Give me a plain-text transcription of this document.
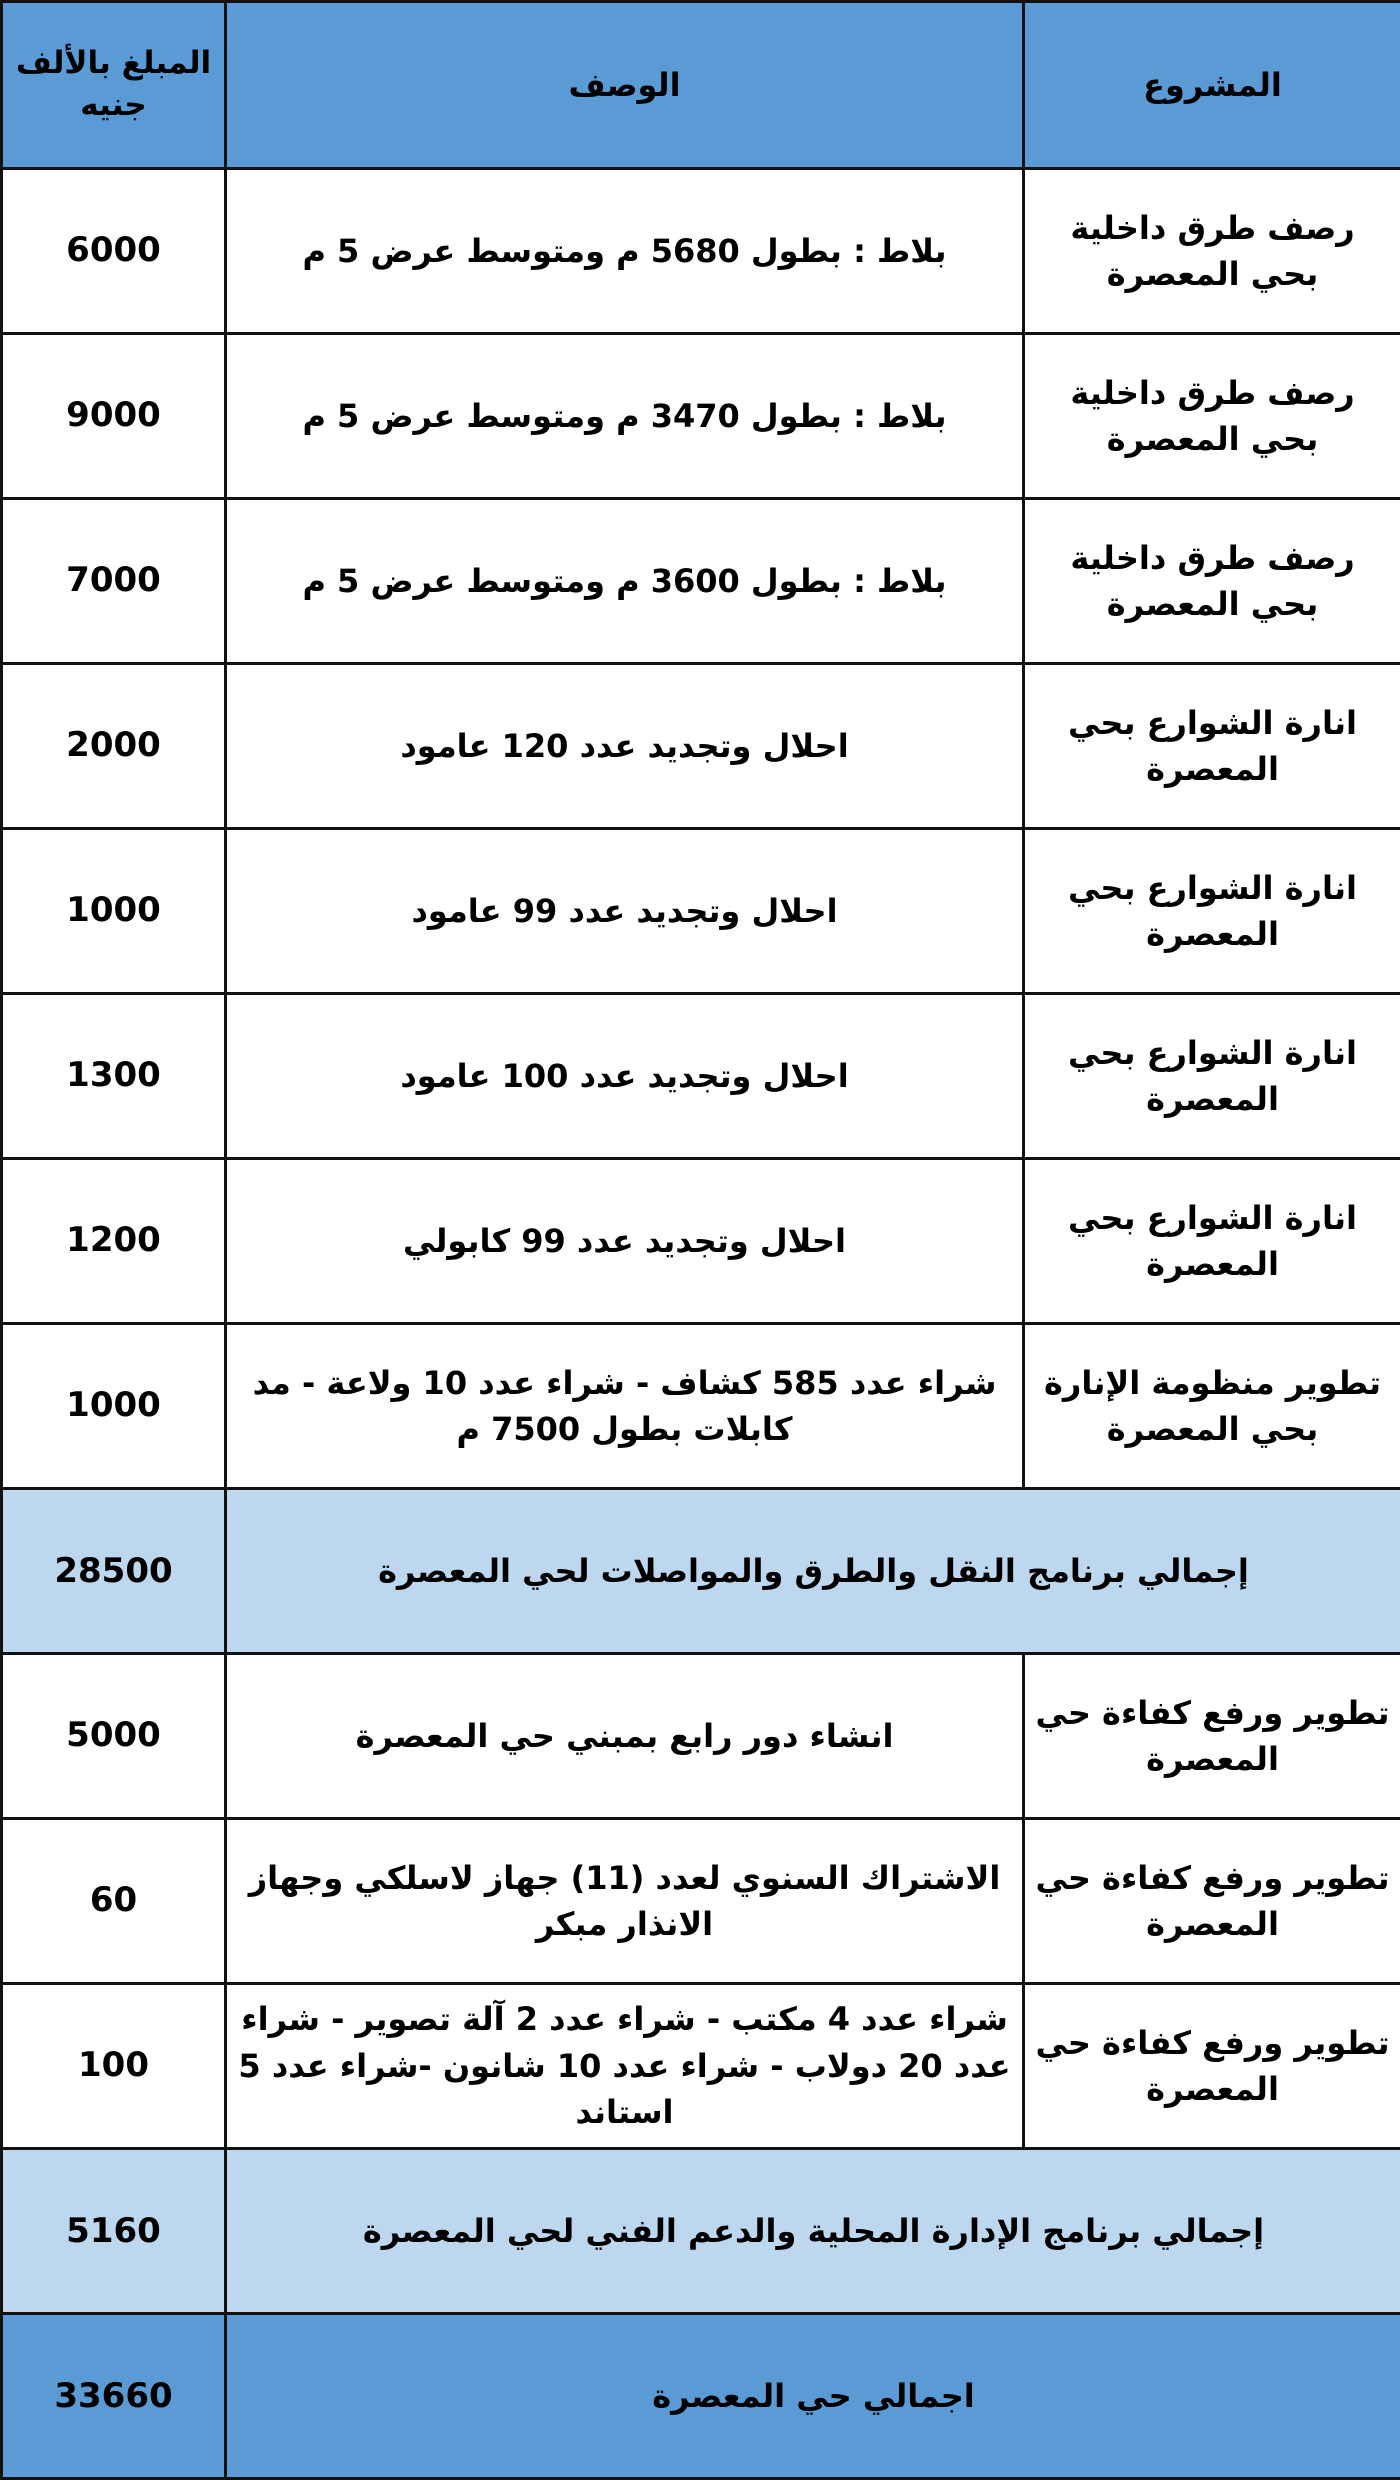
المبلغ بالألف جنيه	الوصف	المشروع
6000	بلاط : بطول 5680 م ومتوسط عرض 5 م	رصف طرق داخلية بحي المعصرة
9000	بلاط : بطول 3470 م ومتوسط عرض 5 م	رصف طرق داخلية بحي المعصرة
7000	بلاط : بطول 3600 م ومتوسط عرض 5 م	رصف طرق داخلية بحي المعصرة
2000	احلال وتجديد عدد 120 عامود	انارة الشوارع بحي المعصرة
1000	احلال وتجديد عدد 99 عامود	انارة الشوارع بحي المعصرة
1300	احلال وتجديد عدد 100 عامود	انارة الشوارع بحي المعصرة
1200	احلال وتجديد عدد 99 كابولي	انارة الشوارع بحي المعصرة
1000	شراء عدد 585 كشاف - شراء عدد 10 ولاعة - مد كابلات بطول 7500 م	تطوير منظومة الإنارة بحي المعصرة
28500	إجمالي برنامج النقل والطرق والمواصلات لحي المعصرة	
5000	انشاء دور رابع بمبني حي المعصرة	تطوير ورفع كفاءة حي المعصرة
60	الاشتراك السنوي لعدد (11) جهاز لاسلكي وجهاز الانذار مبكر	تطوير ورفع كفاءة حي المعصرة
100	شراء عدد 4 مكتب - شراء عدد 2 آلة تصوير - شراء عدد 20 دولاب - شراء عدد 10 شانون -شراء عدد 5 استاند	تطوير ورفع كفاءة حي المعصرة
5160	إجمالي برنامج الإدارة المحلية والدعم الفني لحي المعصرة	
33660	اجمالي حي المعصرة	
